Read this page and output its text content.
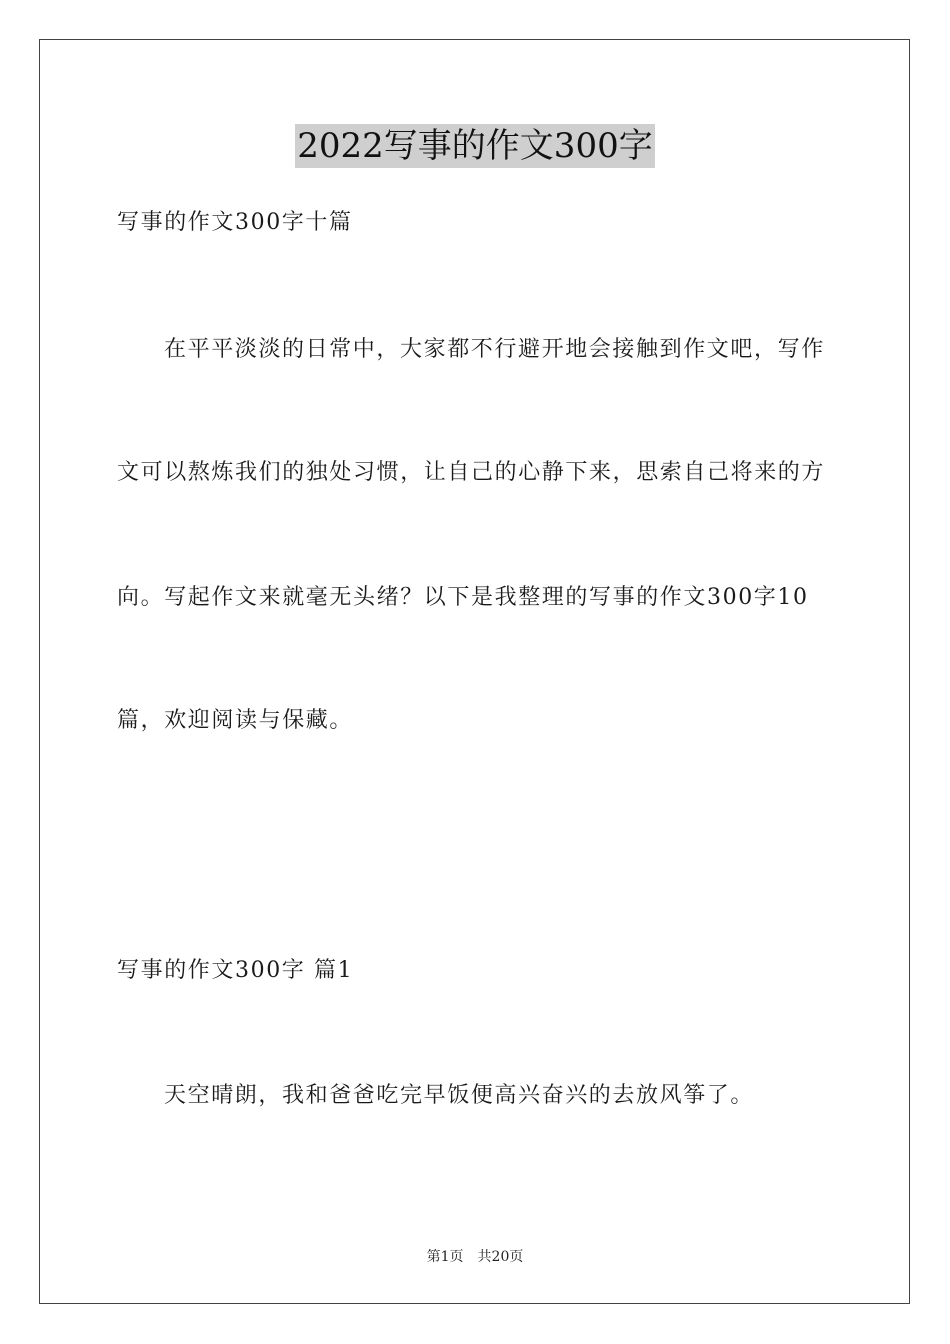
2022写事的作文300字

写事的作文300字十篇

在平平淡淡的日常中，大家都不行避开地会接触到作文吧，写作

文可以熬炼我们的独处习惯，让自己的心静下来，思索自己将来的方

向。写起作文来就毫无头绪？以下是我整理的写事的作文300字10

篇，欢迎阅读与保藏。

写事的作文300字 篇1

天空晴朗，我和爸爸吃完早饭便高兴奋兴的去放风筝了。

第1页 共20页
